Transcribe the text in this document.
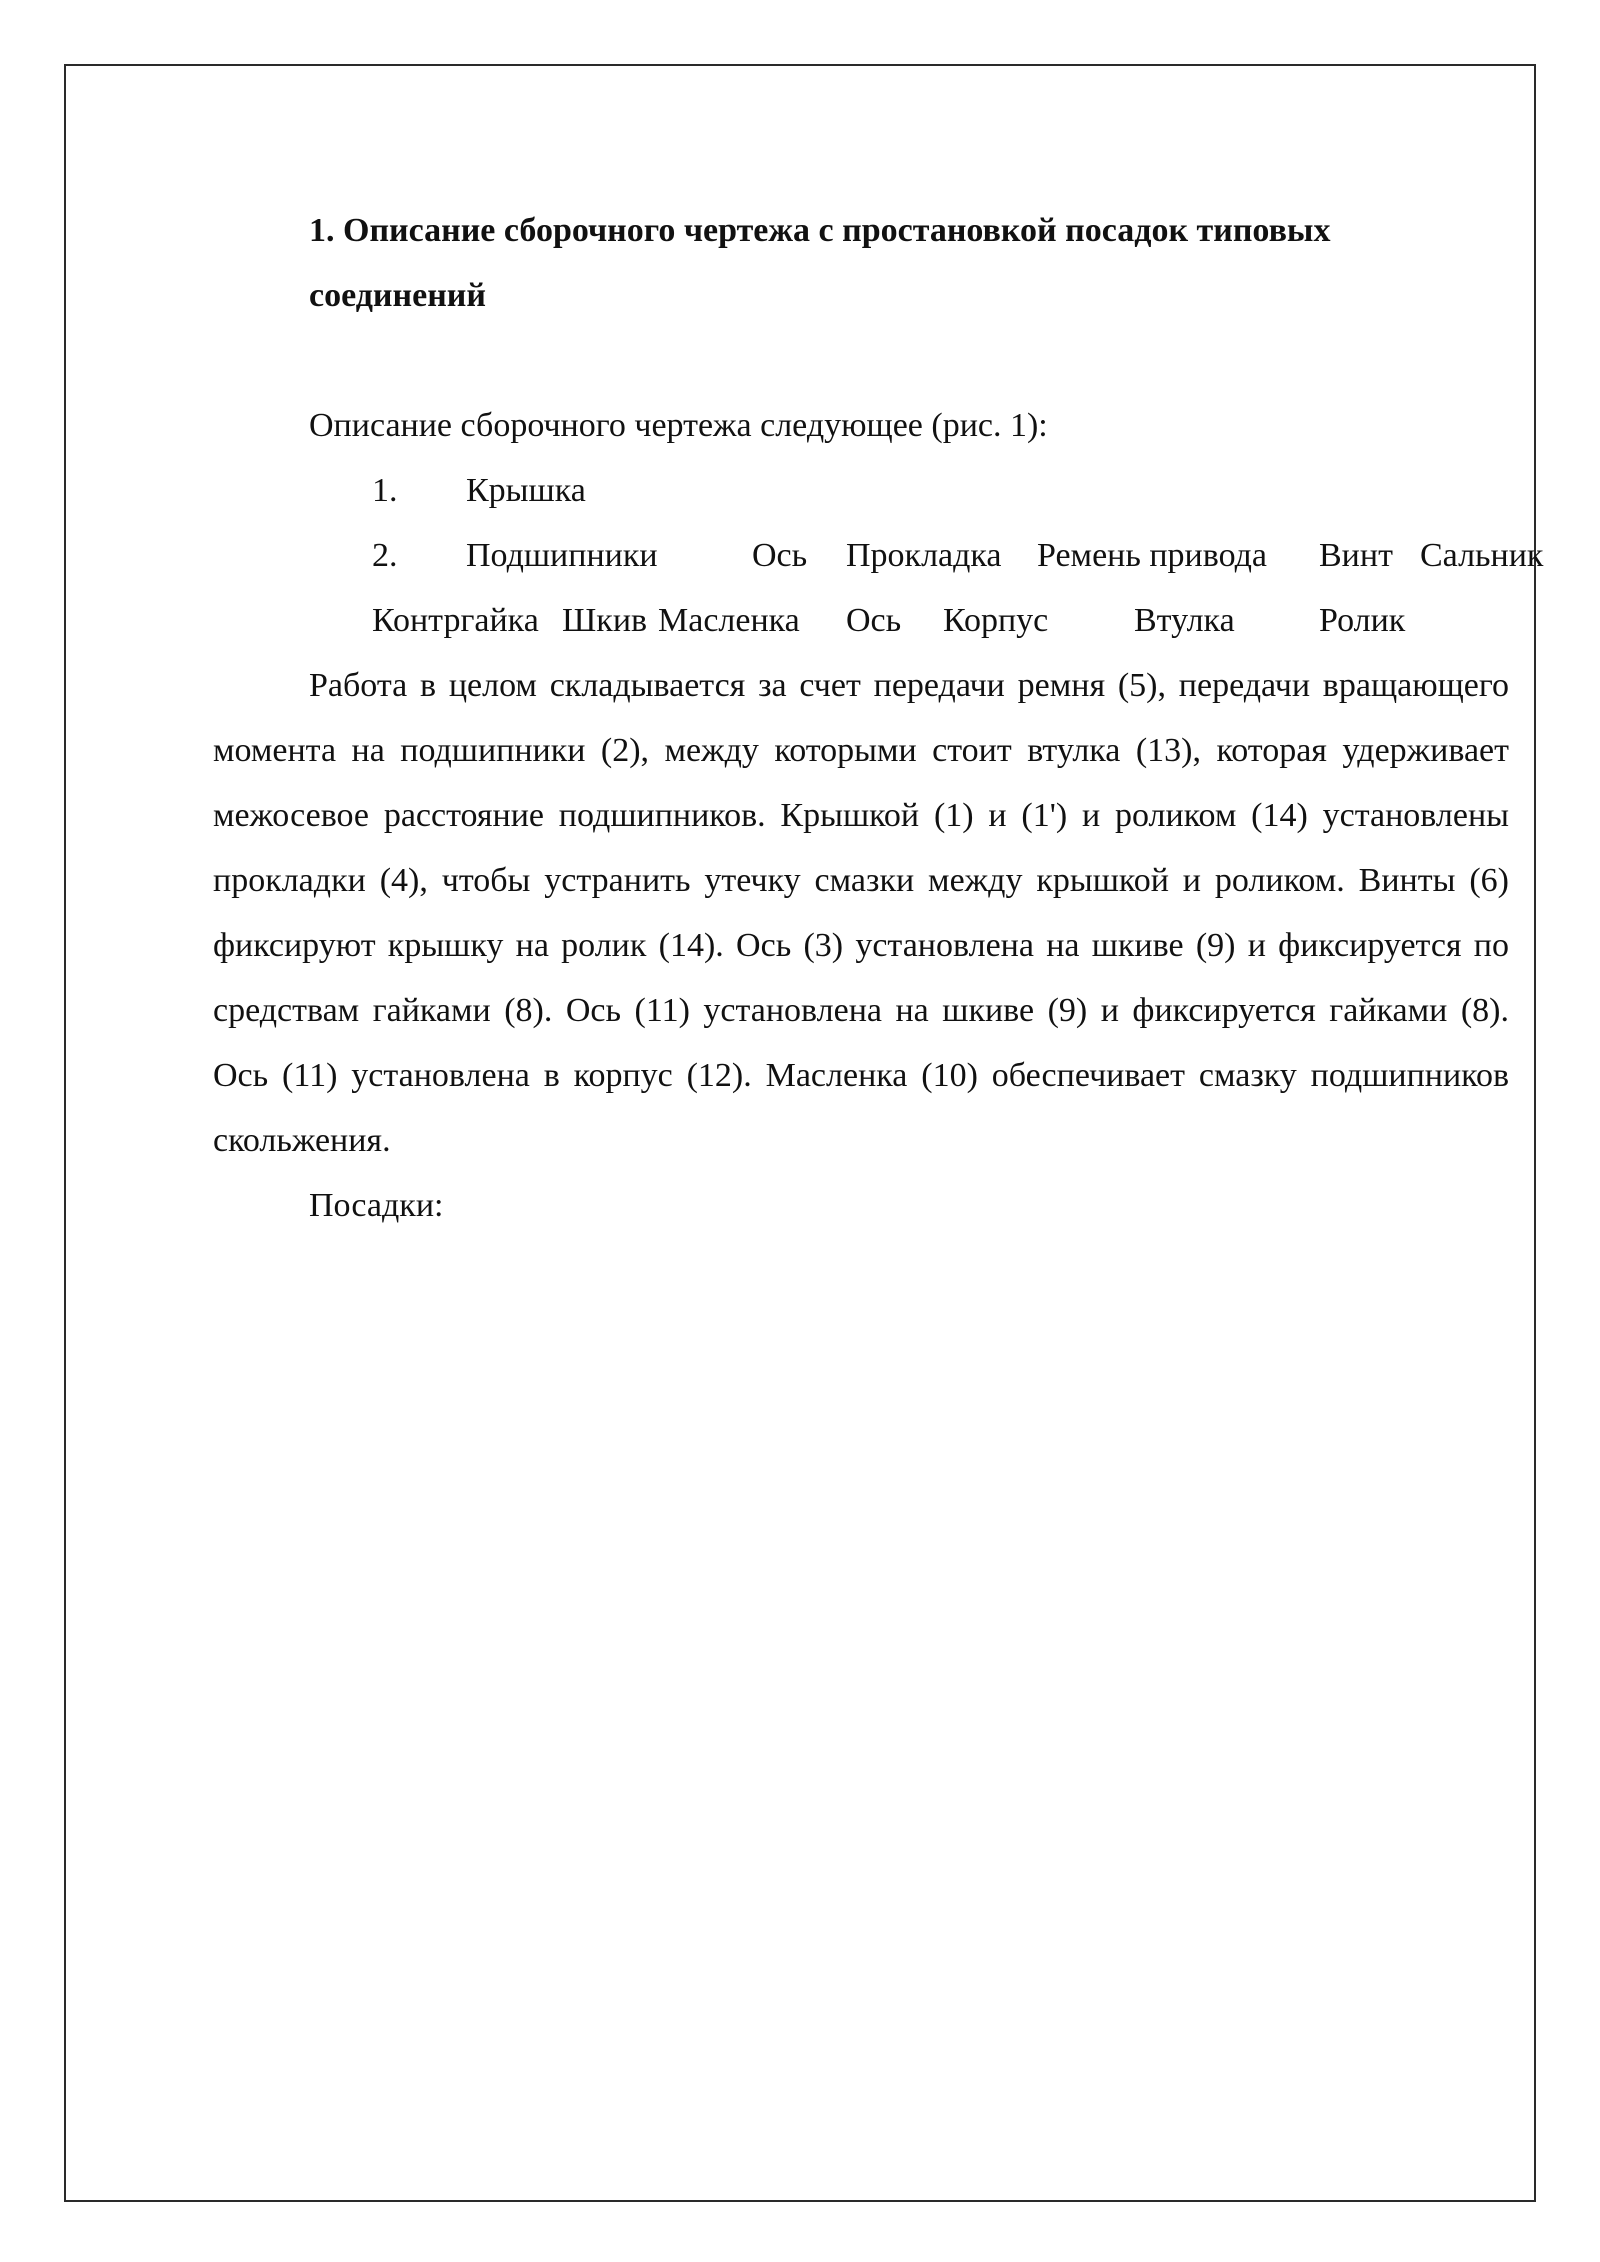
1. Описание сборочного чертежа с простановкой посадок типовых
соединений

Описание сборочного чертежа следующее (рис. 1):

1. Крышка
2. Подшипники	Ось Прокладка Ремень привода Винт Сальник
Контргайка Шкив Масленка Ось Корпус	Втулка Ролик

Работа в целом складывается за счет передачи ремня (5), передачи вращающего момента на подшипники (2), между которыми стоит втулка (13), которая удерживает межосевое расстояние подшипников. Крышкой (1) и (1') и роликом (14) установлены прокладки (4), чтобы устранить утечку смазки между крышкой и роликом. Винты (6) фиксируют крышку на ролик (14). Ось (3) установлена на шкиве (9) и фиксируется по средствам гайками (8). Ось (11) установлена на шкиве (9) и фиксируется гайками (8). Ось (11) установлена в корпус (12). Масленка (10) обеспечивает смазку подшипников скольжения.

Посадки:
